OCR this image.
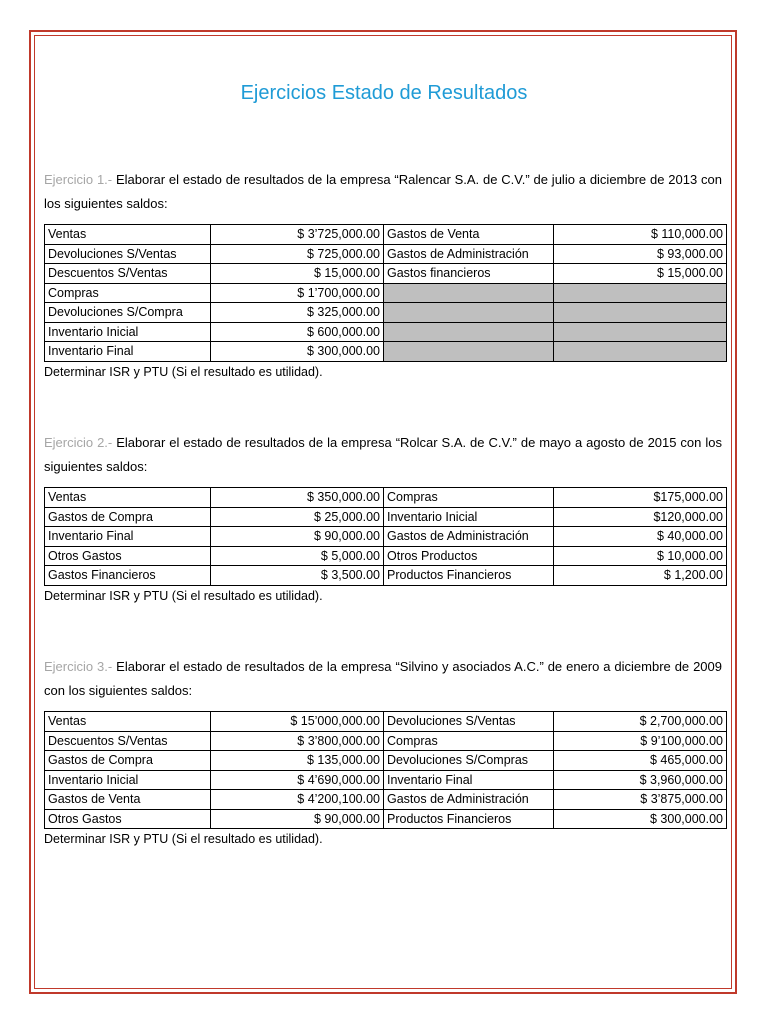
Ejercicios Estado de Resultados
Ejercicio 1.- Elaborar el estado de resultados de la empresa “Ralencar S.A. de C.V.” de julio a diciembre de 2013 con los siguientes saldos:
Ventas	$ 3’725,000.00	Gastos de Venta	$ 110,000.00
Devoluciones S/Ventas	$ 725,000.00	Gastos de Administración	$ 93,000.00
Descuentos S/Ventas	$ 15,000.00	Gastos financieros	$ 15,000.00
Compras	$ 1’700,000.00		
Devoluciones S/Compra	$ 325,000.00		
Inventario Inicial	$ 600,000.00		
Inventario Final	$ 300,000.00		
Determinar ISR y PTU (Si el resultado es utilidad).
Ejercicio 2.- Elaborar el estado de resultados de la empresa “Rolcar S.A. de C.V.” de mayo a agosto de 2015 con los siguientes saldos:
Ventas	$ 350,000.00	Compras	$175,000.00
Gastos de Compra	$ 25,000.00	Inventario Inicial	$120,000.00
Inventario Final	$ 90,000.00	Gastos de Administración	$ 40,000.00
Otros Gastos	$ 5,000.00	Otros Productos	$ 10,000.00
Gastos Financieros	$ 3,500.00	Productos Financieros	$ 1,200.00
Determinar ISR y PTU (Si el resultado es utilidad).
Ejercicio 3.- Elaborar el estado de resultados de la empresa “Silvino y asociados A.C.” de enero a diciembre de 2009 con los siguientes saldos:
Ventas	$ 15’000,000.00	Devoluciones S/Ventas	$ 2,700,000.00
Descuentos S/Ventas	$ 3’800,000.00	Compras	$ 9’100,000.00
Gastos de Compra	$ 135,000.00	Devoluciones S/Compras	$ 465,000.00
Inventario Inicial	$ 4’690,000.00	Inventario Final	$ 3,960,000.00
Gastos de Venta	$ 4’200,100.00	Gastos de Administración	$ 3’875,000.00
Otros Gastos	$ 90,000.00	Productos Financieros	$ 300,000.00
Determinar ISR y PTU (Si el resultado es utilidad).
